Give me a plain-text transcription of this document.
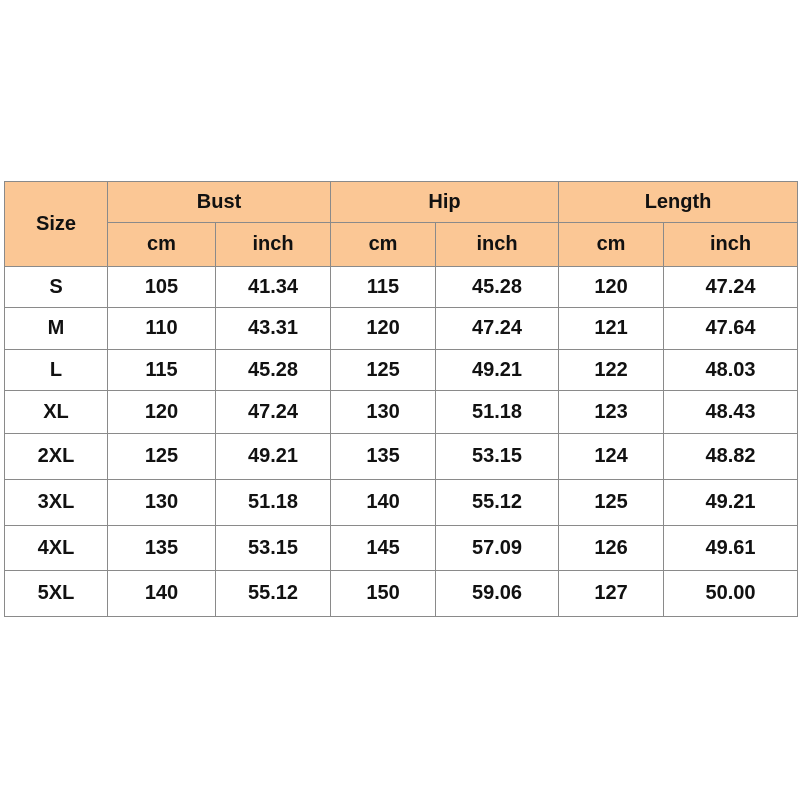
Size	Bust		Hip		Length	
	cm	inch	cm	inch	cm	inch
S	105	41.34	115	45.28	120	47.24
M	110	43.31	120	47.24	121	47.64
L	115	45.28	125	49.21	122	48.03
XL	120	47.24	130	51.18	123	48.43
2XL	125	49.21	135	53.15	124	48.82
3XL	130	51.18	140	55.12	125	49.21
4XL	135	53.15	145	57.09	126	49.61
5XL	140	55.12	150	59.06	127	50.00
